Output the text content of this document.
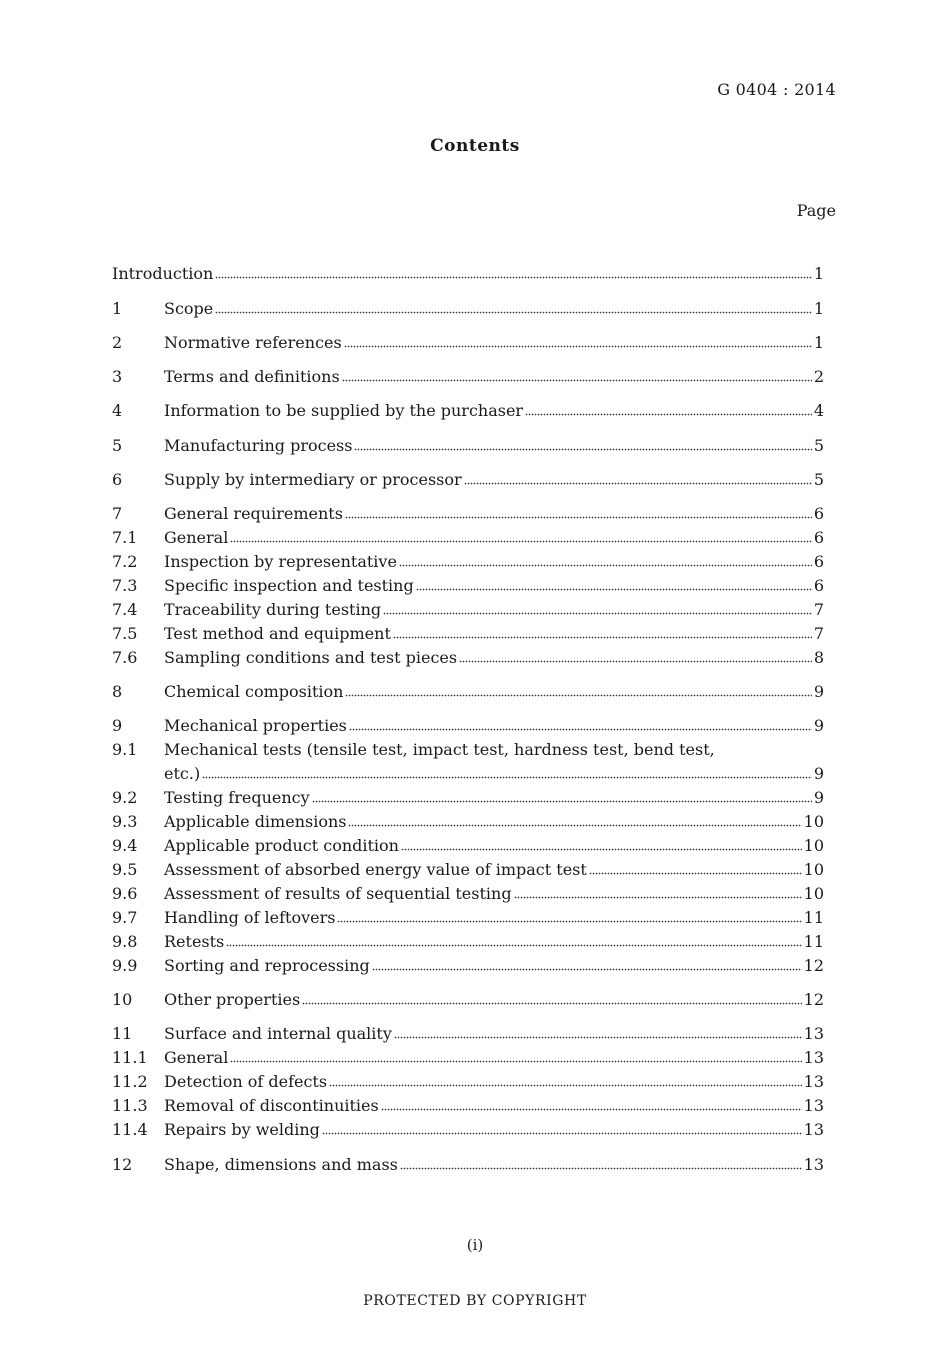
G 0404 : 2014
Contents
Page
Introduction	1
1	Scope	1
2	Normative references	1
3	Terms and definitions	2
4	Information to be supplied by the purchaser	4
5	Manufacturing process	5
6	Supply by intermediary or processor	5
7	General requirements	6
7.1	General	6
7.2	Inspection by representative	6
7.3	Specific inspection and testing	6
7.4	Traceability during testing	7
7.5	Test method and equipment	7
7.6	Sampling conditions and test pieces	8
8	Chemical composition	9
9	Mechanical properties	9
9.1	Mechanical tests (tensile test, impact test, hardness test, bend test,
etc.)	9
9.2	Testing frequency	9
9.3	Applicable dimensions	10
9.4	Applicable product condition	10
9.5	Assessment of absorbed energy value of impact test	10
9.6	Assessment of results of sequential testing	10
9.7	Handling of leftovers	11
9.8	Retests	11
9.9	Sorting and reprocessing	12
10	Other properties	12
11	Surface and internal quality	13
11.1	General	13
11.2	Detection of defects	13
11.3	Removal of discontinuities	13
11.4	Repairs by welding	13
12	Shape, dimensions and mass	13
(i)
PROTECTED BY COPYRIGHT
